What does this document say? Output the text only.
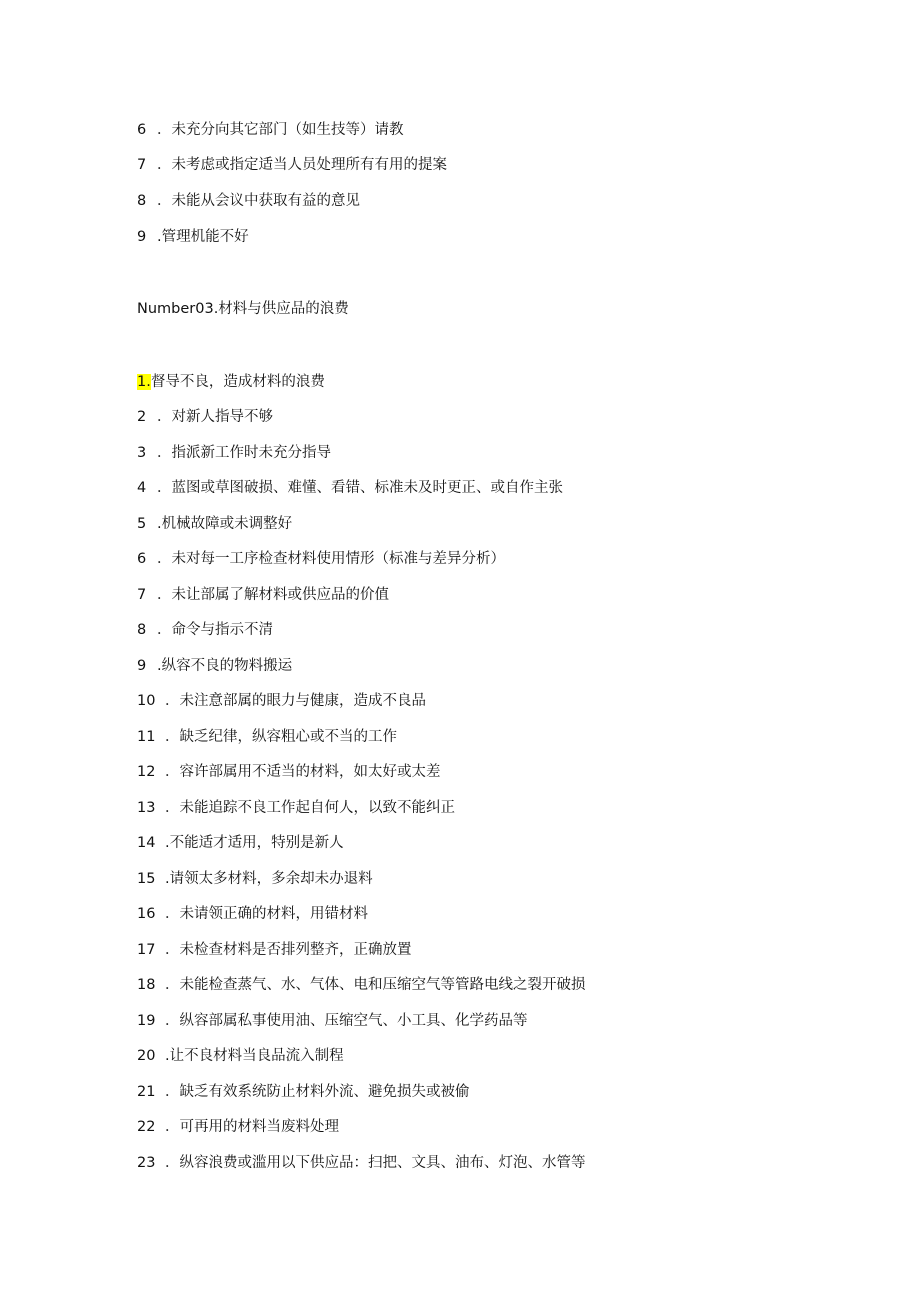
6 ．未充分向其它部门（如生技等）请教
7 ．未考虑或指定适当人员处理所有有用的提案
8 ．未能从会议中获取有益的意见
9 .管理机能不好
Number03.材料与供应品的浪费
1.督导不良，造成材料的浪费
2 ．对新人指导不够
3 ．指派新工作时未充分指导
4 ．蓝图或草图破损、难懂、看错、标准未及时更正、或自作主张
5 .机械故障或未调整好
6 ．未对每一工序检查材料使用情形（标准与差异分析）
7 ．未让部属了解材料或供应品的价值
8 ．命令与指示不清
9 .纵容不良的物料搬运
10 ．未注意部属的眼力与健康，造成不良品
11 ．缺乏纪律，纵容粗心或不当的工作
12 ．容许部属用不适当的材料，如太好或太差
13 ．未能追踪不良工作起自何人，以致不能纠正
14 .不能适才适用，特别是新人
15 .请领太多材料，多余却未办退料
16 ．未请领正确的材料，用错材料
17 ．未检查材料是否排列整齐，正确放置
18 ．未能检查蒸气、水、气体、电和压缩空气等管路电线之裂开破损
19 ．纵容部属私事使用油、压缩空气、小工具、化学药品等
20 .让不良材料当良品流入制程
21 ．缺乏有效系统防止材料外流、避免损失或被偷
22 ．可再用的材料当废料处理
23 ．纵容浪费或滥用以下供应品：扫把、文具、油布、灯泡、水管等
